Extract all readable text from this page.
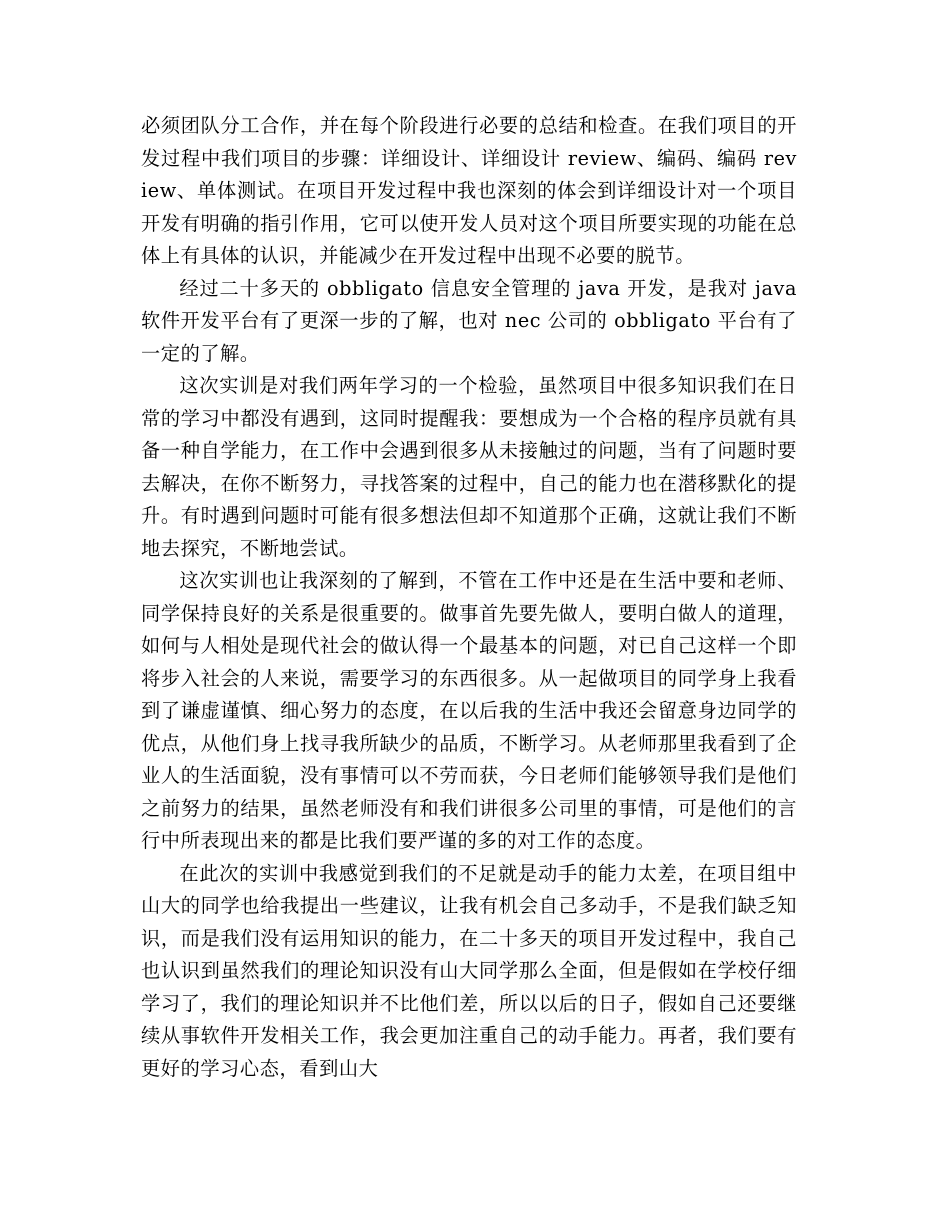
必须团队分工合作，并在每个阶段进行必要的总结和检查。在我们项目的开发过程中我们项目的步骤：详细设计、详细设计 review、编码、编码 review、单体测试。在项目开发过程中我也深刻的体会到详细设计对一个项目开发有明确的指引作用，它可以使开发人员对这个项目所要实现的功能在总体上有具体的认识，并能减少在开发过程中出现不必要的脱节。

经过二十多天的 obbligato 信息安全管理的 java 开发，是我对 java 软件开发平台有了更深一步的了解，也对 nec 公司的 obbligato 平台有了一定的了解。

这次实训是对我们两年学习的一个检验，虽然项目中很多知识我们在日常的学习中都没有遇到，这同时提醒我：要想成为一个合格的程序员就有具备一种自学能力，在工作中会遇到很多从未接触过的问题，当有了问题时要去解决，在你不断努力，寻找答案的过程中，自己的能力也在潜移默化的提升。有时遇到问题时可能有很多想法但却不知道那个正确，这就让我们不断地去探究，不断地尝试。

这次实训也让我深刻的了解到，不管在工作中还是在生活中要和老师、同学保持良好的关系是很重要的。做事首先要先做人，要明白做人的道理，如何与人相处是现代社会的做认得一个最基本的问题，对已自己这样一个即将步入社会的人来说，需要学习的东西很多。从一起做项目的同学身上我看到了谦虚谨慎、细心努力的态度，在以后我的生活中我还会留意身边同学的优点，从他们身上找寻我所缺少的品质，不断学习。从老师那里我看到了企业人的生活面貌，没有事情可以不劳而获，今日老师们能够领导我们是他们之前努力的结果，虽然老师没有和我们讲很多公司里的事情，可是他们的言行中所表现出来的都是比我们要严谨的多的对工作的态度。

在此次的实训中我感觉到我们的不足就是动手的能力太差，在项目组中山大的同学也给我提出一些建议，让我有机会自己多动手，不是我们缺乏知识，而是我们没有运用知识的能力，在二十多天的项目开发过程中，我自己也认识到虽然我们的理论知识没有山大同学那么全面，但是假如在学校仔细学习了，我们的理论知识并不比他们差，所以以后的日子，假如自己还要继续从事软件开发相关工作，我会更加注重自己的动手能力。再者，我们要有更好的学习心态，看到山大
